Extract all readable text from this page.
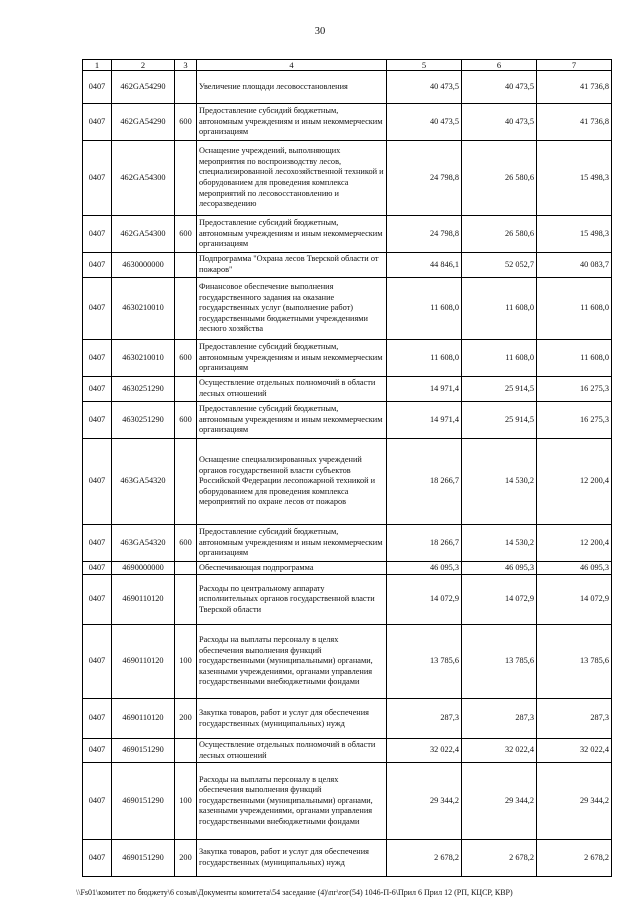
30
1	2	3	4	5	6	7
0407	462GA54290		Увеличение площади лесовосстановления	40 473,5	40 473,5	41 736,8
0407	462GA54290	600	Предоставление субсидий бюджетным, автономным учреждениям и иным некоммерческим организациям	40 473,5	40 473,5	41 736,8
0407	462GA54300		Оснащение учреждений, выполняющих мероприятия по воспроизводству лесов, специализированной лесохозяйственной техникой и оборудованием для проведения комплекса мероприятий по лесовосстановлению и лесоразведению	24 798,8	26 580,6	15 498,3
0407	462GA54300	600	Предоставление субсидий бюджетным, автономным учреждениям и иным некоммерческим организациям	24 798,8	26 580,6	15 498,3
0407	4630000000		Подпрограмма "Охрана лесов Тверской области от пожаров"	44 846,1	52 052,7	40 083,7
0407	4630210010		Финансовое обеспечение выполнения государственного задания на оказание государственных услуг (выполнение работ) государственными бюджетными учреждениями лесного хозяйства	11 608,0	11 608,0	11 608,0
0407	4630210010	600	Предоставление субсидий бюджетным, автономным учреждениям и иным некоммерческим организациям	11 608,0	11 608,0	11 608,0
0407	4630251290		Осуществление отдельных полномочий в области лесных отношений	14 971,4	25 914,5	16 275,3
0407	4630251290	600	Предоставление субсидий бюджетным, автономным учреждениям и иным некоммерческим организациям	14 971,4	25 914,5	16 275,3
0407	463GA54320		Оснащение специализированных учреждений органов государственной власти субъектов Российской Федерации лесопожарной техникой и оборудованием для проведения комплекса мероприятий по охране лесов от пожаров	18 266,7	14 530,2	12 200,4
0407	463GA54320	600	Предоставление субсидий бюджетным, автономным учреждениям и иным некоммерческим организациям	18 266,7	14 530,2	12 200,4
0407	4690000000		Обеспечивающая подпрограмма	46 095,3	46 095,3	46 095,3
0407	4690110120		Расходы по центральному аппарату исполнительных органов государственной власти Тверской области	14 072,9	14 072,9	14 072,9
0407	4690110120	100	Расходы на выплаты персоналу в целях обеспечения выполнения функций государственными (муниципальными) органами, казенными учреждениями, органами управления государственными внебюджетными фондами	13 785,6	13 785,6	13 785,6
0407	4690110120	200	Закупка товаров, работ и услуг для обеспечения государственных (муниципальных) нужд	287,3	287,3	287,3
0407	4690151290		Осуществление отдельных полномочий в области лесных отношений	32 022,4	32 022,4	32 022,4
0407	4690151290	100	Расходы на выплаты персоналу в целях обеспечения выполнения функций государственными (муниципальными) органами, казенными учреждениями, органами управления государственными внебюджетными фондами	29 344,2	29 344,2	29 344,2
0407	4690151290	200	Закупка товаров, работ и услуг для обеспечения государственных (муниципальных) нужд	2 678,2	2 678,2	2 678,2
\\Fs01\комитет по бюджету\6 созыв\Документы комитета\54 заседание (4)\пг\гог(54) 1046-П-6\Прил 6 Прил 12 (РП, КЦСР, КВР)
